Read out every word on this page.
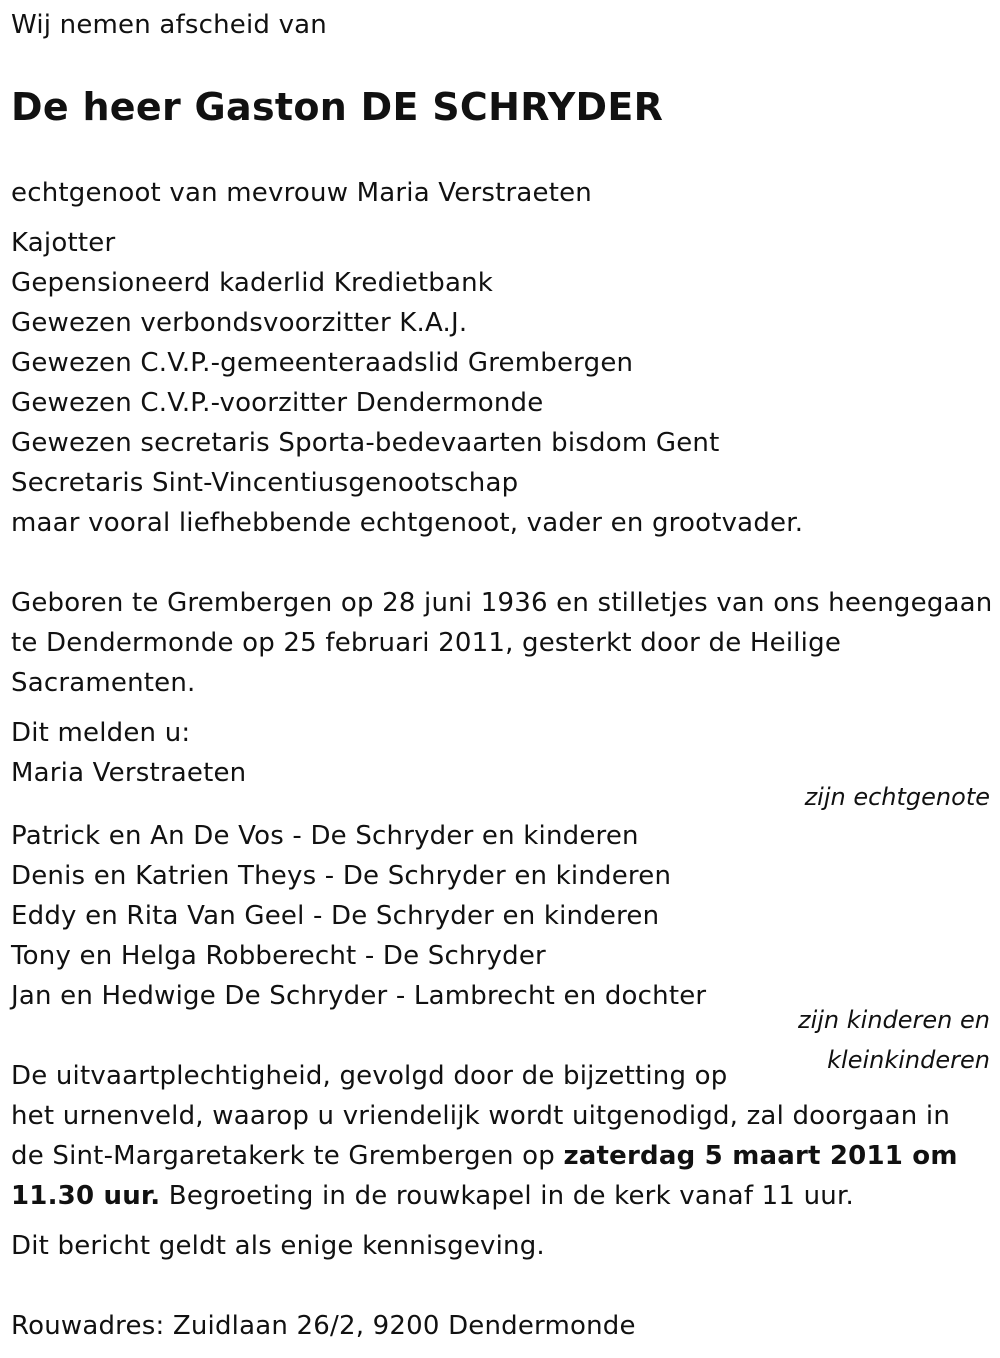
Wij nemen afscheid van
De heer Gaston DE SCHRYDER
echtgenoot van mevrouw Maria Verstraeten
Kajotter
Gepensioneerd kaderlid Kredietbank
Gewezen verbondsvoorzitter K.A.J.
Gewezen C.V.P.-gemeenteraadslid Grembergen
Gewezen C.V.P.-voorzitter Dendermonde
Gewezen secretaris Sporta-bedevaarten bisdom Gent
Secretaris Sint-Vincentiusgenootschap
maar vooral liefhebbende echtgenoot, vader en grootvader.
Geboren te Grembergen op 28 juni 1936 en stilletjes van ons heengegaan
te Dendermonde op 25 februari 2011, gesterkt door de Heilige
Sacramenten.
Dit melden u:
Maria Verstraeten
zijn echtgenote
Patrick en An De Vos - De Schryder en kinderen
Denis en Katrien Theys - De Schryder en kinderen
Eddy en Rita Van Geel - De Schryder en kinderen
Tony en Helga Robberecht - De Schryder
Jan en Hedwige De Schryder - Lambrecht en dochter
zijn kinderen en
kleinkinderen
De uitvaartplechtigheid, gevolgd door de bijzetting op
het urnenveld, waarop u vriendelijk wordt uitgenodigd, zal doorgaan in
de Sint-Margaretakerk te Grembergen op zaterdag 5 maart 2011 om
11.30 uur. Begroeting in de rouwkapel in de kerk vanaf 11 uur.
Dit bericht geldt als enige kennisgeving.
Rouwadres: Zuidlaan 26/2, 9200 Dendermonde
